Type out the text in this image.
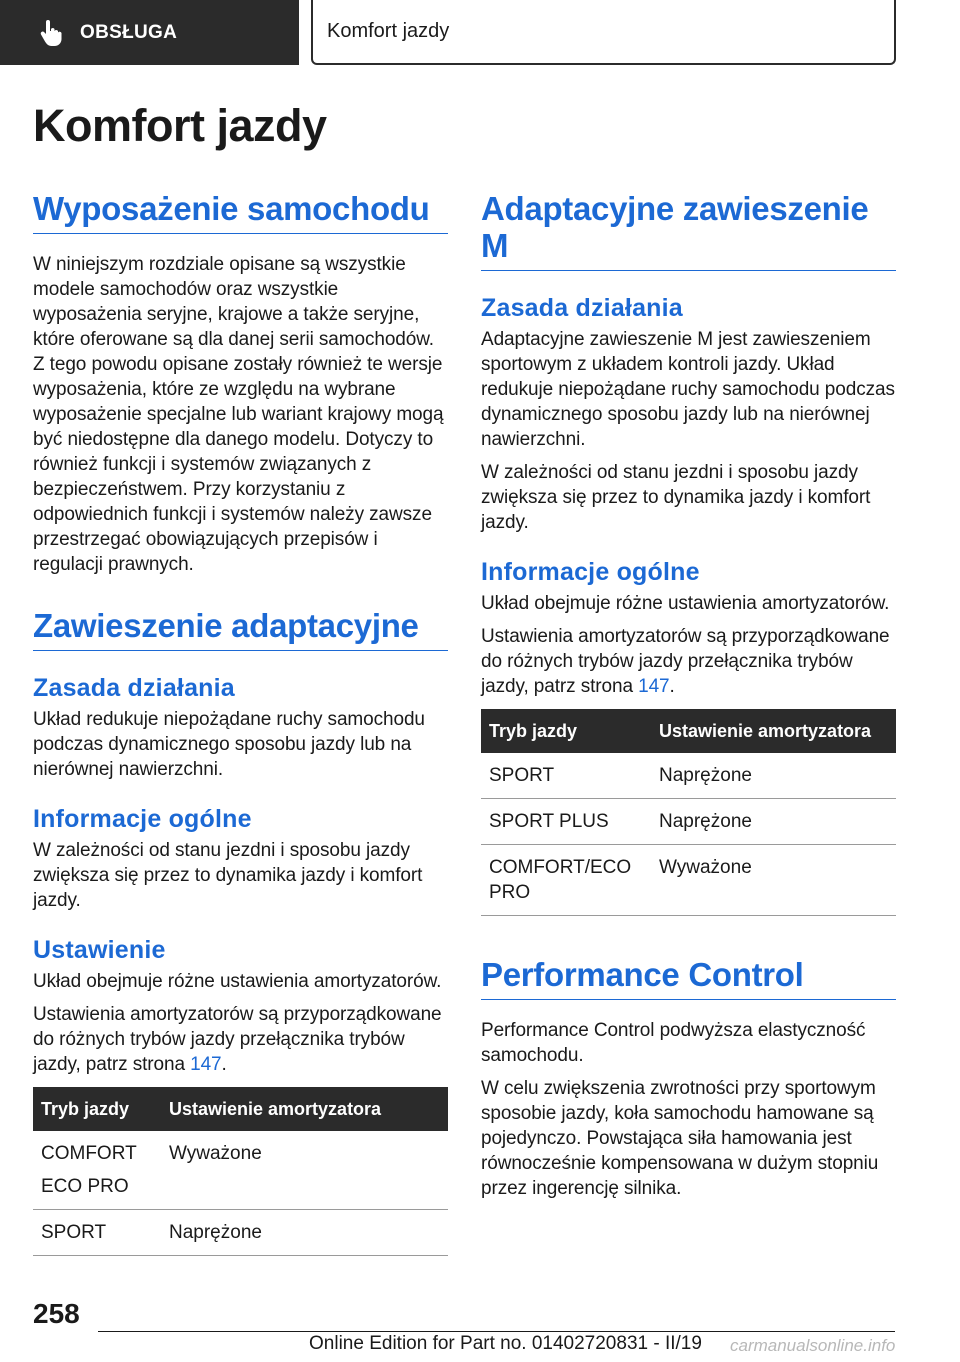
OBSŁUGA	Komfort jazdy
Komfort jazdy
Wyposażenie samochodu

W niniejszym rozdziale opisane są wszystkie modele samochodów oraz wszystkie wyposażenia seryjne, krajowe a także seryjne, które oferowane są dla danej serii samochodów. Z tego powodu opisane zostały również te wersje wyposażenia, które ze względu na wybrane wyposażenie specjalne lub wariant krajowy mogą być niedostępne dla danego modelu. Dotyczy to również funkcji i systemów związanych z bezpieczeństwem. Przy korzystaniu z odpowiednich funkcji i systemów należy zawsze przestrzegać obowiązujących przepisów i regulacji prawnych.

Zawieszenie adaptacyjne
Zasada działania

Układ redukuje niepożądane ruchy samochodu podczas dynamicznego sposobu jazdy lub na nierównej nawierzchni.

Informacje ogólne

W zależności od stanu jezdni i sposobu jazdy zwiększa się przez to dynamika jazdy i komfort jazdy.

Ustawienie

Układ obejmuje różne ustawienia amortyzatorów.

Ustawienia amortyzatorów są przyporządkowane do różnych trybów jazdy przełącznika trybów jazdy, patrz strona 147.

Tryb jazdy	Ustawienie amortyzatora

COMFORT
ECO PRO	Wyważone

SPORT	Naprężone
Adaptacyjne zawieszenie M
Zasada działania

Adaptacyjne zawieszenie M jest zawieszeniem sportowym z układem kontroli jazdy. Układ redukuje niepożądane ruchy samochodu podczas dynamicznego sposobu jazdy lub na nierównej nawierzchni.

W zależności od stanu jezdni i sposobu jazdy zwiększa się przez to dynamika jazdy i komfort jazdy.

Informacje ogólne

Układ obejmuje różne ustawienia amortyzatorów.

Ustawienia amortyzatorów są przyporządkowane do różnych trybów jazdy przełącznika trybów jazdy, patrz strona 147.

Tryb jazdy	Ustawienie amortyzatora
SPORT	Naprężone
SPORT PLUS	Naprężone
COMFORT/ECO PRO	Wyważone
Performance Control

Performance Control podwyższa elastyczność samochodu.

W celu zwiększenia zwrotności przy sportowym sposobie jazdy, koła samochodu hamowane są pojedynczo. Powstająca siła hamowania jest równocześnie kompensowana w dużym stopniu przez ingerencję silnika.

258
Online Edition for Part no. 01402720831 - II/19 carmanualsonline.info
